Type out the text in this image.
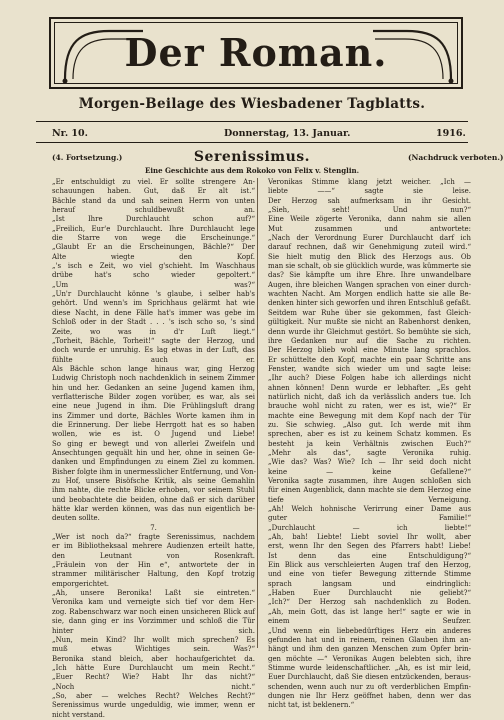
Der Roman.
Morgen-Beilage des Wiesbadener Tagblatts.
Nr. 10.	Donnerstag, 13. Januar.	1916.
(4. Fortsetzung.)	Serenissimus.	(Nachdruck verboten.)
Eine Geschichte aus dem Rokoko von Felix v. Stenglin.

„Er entschuldigt zu viel. Er sollte strengere An-

schauungen haben. Gut, daß Er alt ist.“

Bächle stand da und sah seinen Herrn von unten

herauf schuldbewußt an.

„Ist Ihre Durchlaucht schon auf?“

„Freilich, Eur'e Durchlaucht. Ihre Durchlaucht lege

die Starre von wege die Erscheinunge.“

„Glaubt Er an die Erscheinungen, Bächle?“ Der

Alte wiegte den Kopf.

„'s isch e Zeit, wo viel g'schieht. Im Waschhaus

drübe hat's scho wieder gepoltert.“

„Um was?“

„Un'r Durchlaucht könne 's glaube, i selber hab's

gehört. Und wenn's im Sprichhaus gelärmt hat wie

diese Nacht, in dene Fälle hat's immer was gebe im

Schloß oder in der Stadt . . . 's isch scho so, 's sind

Zeite, wo was in d'r Luft liegt.“

„Torheit, Bächle, Torheit!“ sagte der Herzog, und

doch wurde er unruhig. Es lag etwas in der Luft, das

fühlte auch er.

Als Bächle schon lange hinaus war, ging Herzog

Ludwig Christoph noch nachdenklich in seinem Zimmer

hin und her. Gedanken an seine Jugend kamen ihm,

verflatterische Bilder zogen vorüber, es war, als sei

eine neue Jugend in ihm. Die Frühlingsluft drang

ins Zimmer und dorte, Bächles Worte kamen ihm in

die Erinnerung. Der liebe Herrgott hat es so haben

wollen, wie es ist. O Jugend und Liebe!

So ging er bewegt und von allerlei Zweifeln und

Ansechtungen gequält hin und her, ohne in seinen Ge-

danken und Empfindungen zu einem Ziel zu kommen.

Bisher folgte ihm in unermesslicher Entfernung, und Von-

zu Hof, unsere Bisöfsche Kritik, als seine Gemahlin

ihm nahte, die rechte Blicke erhoben, vor seinem Stuhl

und beobachtete die beiden, ohne daß er sich darüber

hätte klar werden können, was das nun eigentlich be-

deuten sollte.

7.

„Wer ist noch da?“ fragte Serenissimus, nachdem

er im Bibliotheksaal mehrere Audienzen erteilt hatte,

den Leutnant von Rosenkraft.

„Fräulein von der Hin e“, antwortete der in

strammer militärischer Haltung, den Kopf trotzig

emporgerichtet.

„Ah, unsere Beronika! Laßt sie eintreten.“

Veronika kam und verneigte sich tief vor dem Her-

zog. Rabenschwarz war noch einen unsicheren Blick auf

sie, dann ging er ins Vorzimmer und schloß die Tür

hinter sich.

„Nun, mein Kind? Ihr wollt mich sprechen? Es

muß etwas Wichtiges sein. Was?“

Beronika stand bleich, aber hochaufgerichtet da.

„Ich hätte Eure Durchlaucht um mein Recht.“

„Euer Recht? Wie? Habt Ihr das nicht?“

„Noch nicht.“

„So, aber — welches Recht? Welches Recht?“

Serenissimus wurde ungeduldig, wie immer, wenn er

nicht verstand.

Veronikas Stimme klang jetzt weicher. „Ich —

liebte ——“ sagte sie leise.

Der Herzog sah aufmerksam in ihr Gesicht.

„Sieh, seht! Und nun?“

Eine Weile zögerte Veronika, dann nahm sie allen

Mut zusammen und antwortete:

„Nach der Verordnung Eurer Durchlaucht darf ich

darauf rechnen, daß wir Genehmigung zuteil wird.“

Sie hielt mutig den Blick des Herzogs aus. Ob

man sie schalt, ob sie glücklich wurde, was kümmerte sie

das? Sie kämpfte um ihre Ehre. Ihre unwandelbare

Augen, ihre bleichen Wangen sprachen von einer durch-

wachten Nacht. Am Morgen endlich hatte sie alle Be-

denken hinter sich geworfen und ihren Entschluß gefaßt.

Seitdem war Ruhe über sie gekommen, fast Gleich-

gültigkeit. Nur mußte sie nicht an Rabenhorst denken,

denn wurde ihr Gleichmut gestört. So bemühte sie sich,

ihre Gedanken nur auf die Sache zu richten.

Der Herzog blieb wohl eine Minute lang sprachlos.

Er schüttelte den Kopf, machte ein paar Schritte ans

Fenster, wandte sich wieder um und sagte leise:

„Ihr auch? Diese Folgen habe ich allerdings nicht

ahnen können! Denn wurde er lebhafter. „Es geht

natürlich nicht, daß ich da verlässlich anders tue. Ich

brauche wohl nicht zu raten, wer es ist, wie?“ Er

machte eine Bewegung mit dem Kopf nach der Tür

zu. Sie schwieg. „Also gut. Ich werde mit ihm

sprechen, aber es ist zu keinem Schatz kommen. Es

besteht ja kein Verhältnis zwischen Euch?“

„Mehr als das“, sagte Veronika ruhig.

„Wie das? Was? Wie? Ich — Ihr seid doch nicht

keine — keine Gefallene?“

Veronika sagte zusammen, ihre Augen schloßen sich

für einen Augenblick, dann machte sie dem Herzog eine

tiefe Verneigung.

„Ah! Welch hohnische Verirrung einer Dame aus

guter Familie!“

„Durchlaucht — ich liebte!“

„Ah, bah! Liebte! Liebt soviel Ihr wollt, aber

erst, wenn Ihr den Segen des Pfarrers habt! Liebe!

Ist denn das eine Entschuldigung?“

Ein Blick aus verschleierten Augen traf den Herzog,

und eine von tiefer Bewegung zitternde Stimme

sprach langsam und eindringlich:

„Haben Euer Durchlaucht nie geliebt?“

„Ich?“ Der Herzog sah nachdenklich zu Boden.

„Ah, mein Gott, das ist lange her!“ sagte er wie in

einem Seufzer.

„Und wenn ein liebebedürftiges Herz ein anderes

gefunden hat und in reinem, reinen Glauben ihm an-

hängt und ihm den ganzen Menschen zum Opfer brin-

gen möchte —“ Veronikas Augen belebten sich, ihre

Stimme wurde leidenschaftlicher. „Ah, es ist mir leid,

Euer Durchlaucht, daß Sie diesen entzückenden, beraus-

schenden, wenn auch nur zu oft verderblichen Empfin-

dungen nie Ihr Herz geöffnet haben, denn wer das

nicht tat, ist beklenern.“
